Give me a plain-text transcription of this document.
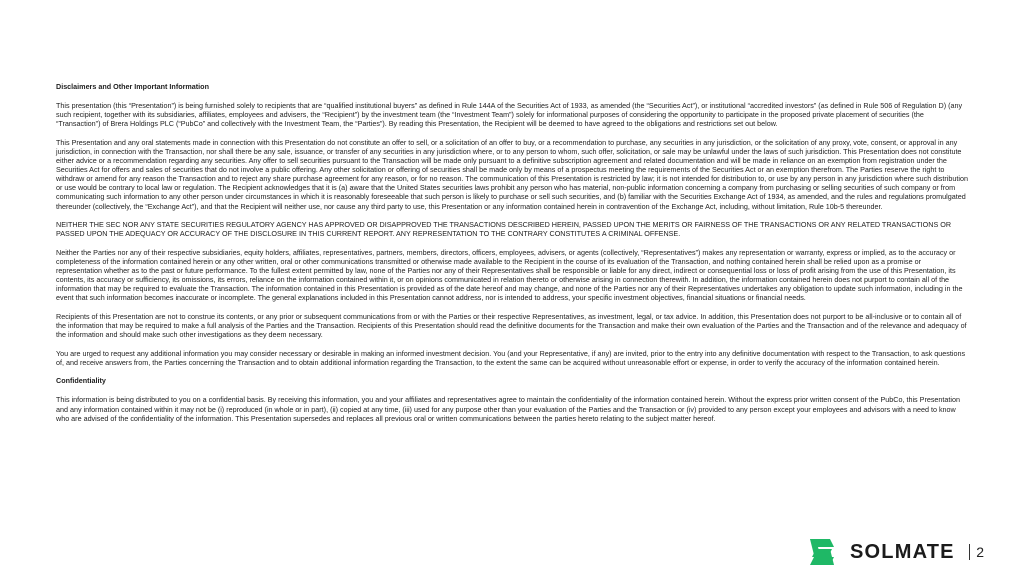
Disclaimers and Other Important Information

This presentation (this “Presentation”) is being furnished solely to recipients that are “qualified institutional buyers” as defined in Rule 144A of the Securities Act of 1933, as amended (the “Securities Act”), or institutional “accredited investors” (as defined in Rule 506 of Regulation D) (any such recipient, together with its subsidiaries, affiliates, employees and advisers, the “Recipient”) by the investment team (the “Investment Team”) solely for informational purposes of considering the opportunity to participate in the proposed private placement of securities (the “Transaction”) of Brera Holdings PLC (“PubCo” and collectively with the Investment Team, the “Parties”). By reading this Presentation, the Recipient will be deemed to have agreed to the obligations and restrictions set out below.

This Presentation and any oral statements made in connection with this Presentation do not constitute an offer to sell, or a solicitation of an offer to buy, or a recommendation to purchase, any securities in any jurisdiction, or the solicitation of any proxy, vote, consent, or approval in any jurisdiction, in connection with the Transaction, nor shall there be any sale, issuance, or transfer of any securities in any jurisdiction where, or to any person to whom, such offer, solicitation, or sale may be unlawful under the laws of such jurisdiction. This Presentation does not constitute either advice or a recommendation regarding any securities. Any offer to sell securities pursuant to the Transaction will be made only pursuant to a definitive subscription agreement and related documentation and will be made in reliance on an exemption from registration under the Securities Act for offers and sales of securities that do not involve a public offering. Any other solicitation or offering of securities shall be made only by means of a prospectus meeting the requirements of the Securities Act or an exemption therefrom. The Parties reserve the right to withdraw or amend for any reason the Transaction and to reject any share purchase agreement for any reason, or for no reason. The communication of this Presentation is restricted by law; it is not intended for distribution to, or use by any person in any jurisdiction where such distribution or use would be contrary to local law or regulation. The Recipient acknowledges that it is (a) aware that the United States securities laws prohibit any person who has material, non-public information concerning a company from purchasing or selling securities of such company or from communicating such information to any other person under circumstances in which it is reasonably foreseeable that such person is likely to purchase or sell such securities, and (b) familiar with the Securities Exchange Act of 1934, as amended, and the rules and regulations promulgated thereunder (collectively, the “Exchange Act”), and that the Recipient will neither use, nor cause any third party to use, this Presentation or any information contained herein in contravention of the Exchange Act, including, without limitation, Rule 10b-5 thereunder.

NEITHER THE SEC NOR ANY STATE SECURITIES REGULATORY AGENCY HAS APPROVED OR DISAPPROVED THE TRANSACTIONS DESCRIBED HEREIN, PASSED UPON THE MERITS OR FAIRNESS OF THE TRANSACTIONS OR ANY RELATED TRANSACTIONS OR PASSED UPON THE ADEQUACY OR ACCURACY OF THE DISCLOSURE IN THIS CURRENT REPORT. ANY REPRESENTATION TO THE CONTRARY CONSTITUTES A CRIMINAL OFFENSE.

Neither the Parties nor any of their respective subsidiaries, equity holders, affiliates, representatives, partners, members, directors, officers, employees, advisers, or agents (collectively, “Representatives”) makes any representation or warranty, express or implied, as to the accuracy or completeness of the information contained herein or any other written, oral or other communications transmitted or otherwise made available to the Recipient in the course of its evaluation of the Transaction, and nothing contained herein shall be relied upon as a promise or representation whether as to the past or future performance. To the fullest extent permitted by law, none of the Parties nor any of their Representatives shall be responsible or liable for any direct, indirect or consequential loss or loss of profit arising from the use of this Presentation, its contents, its accuracy or sufficiency, its omissions, its errors, reliance on the information contained within it, or on opinions communicated in relation thereto or otherwise arising in connection therewith. In addition, the information contained herein does not purport to contain all of the information that may be required to evaluate the Transaction. The information contained in this Presentation is provided as of the date hereof and may change, and none of the Parties nor any of their Representatives undertakes any obligation to update such information, including in the event that such information becomes inaccurate or incomplete. The general explanations included in this Presentation cannot address, nor is intended to address, your specific investment objectives, financial situations or financial needs.

Recipients of this Presentation are not to construe its contents, or any prior or subsequent communications from or with the Parties or their respective Representatives, as investment, legal, or tax advice. In addition, this Presentation does not purport to be all-inclusive or to contain all of the information that may be required to make a full analysis of the Parties and the Transaction. Recipients of this Presentation should read the definitive documents for the Transaction and make their own evaluation of the Parties and the Transaction and of the relevance and adequacy of the information and should make such other investigations as they deem necessary.

You are urged to request any additional information you may consider necessary or desirable in making an informed investment decision. You (and your Representative, if any) are invited, prior to the entry into any definitive documentation with respect to the Transaction, to ask questions of, and receive answers from, the Parties concerning the Transaction and to obtain additional information regarding the Transaction, to the extent the same can be acquired without unreasonable effort or expense, in order to verify the accuracy of the information contained herein.

Confidentiality

This information is being distributed to you on a confidential basis. By receiving this information, you and your affiliates and representatives agree to maintain the confidentiality of the information contained herein. Without the express prior written consent of the PubCo, this Presentation and any information contained within it may not be (i) reproduced (in whole or in part), (ii) copied at any time, (iii) used for any purpose other than your evaluation of the Parties and the Transaction or (iv) provided to any person except your employees and advisors with a need to know who are advised of the confidentiality of the information. This Presentation supersedes and replaces all previous oral or written communications between the parties hereto relating to the subject matter hereof.

SOLMATE 2
